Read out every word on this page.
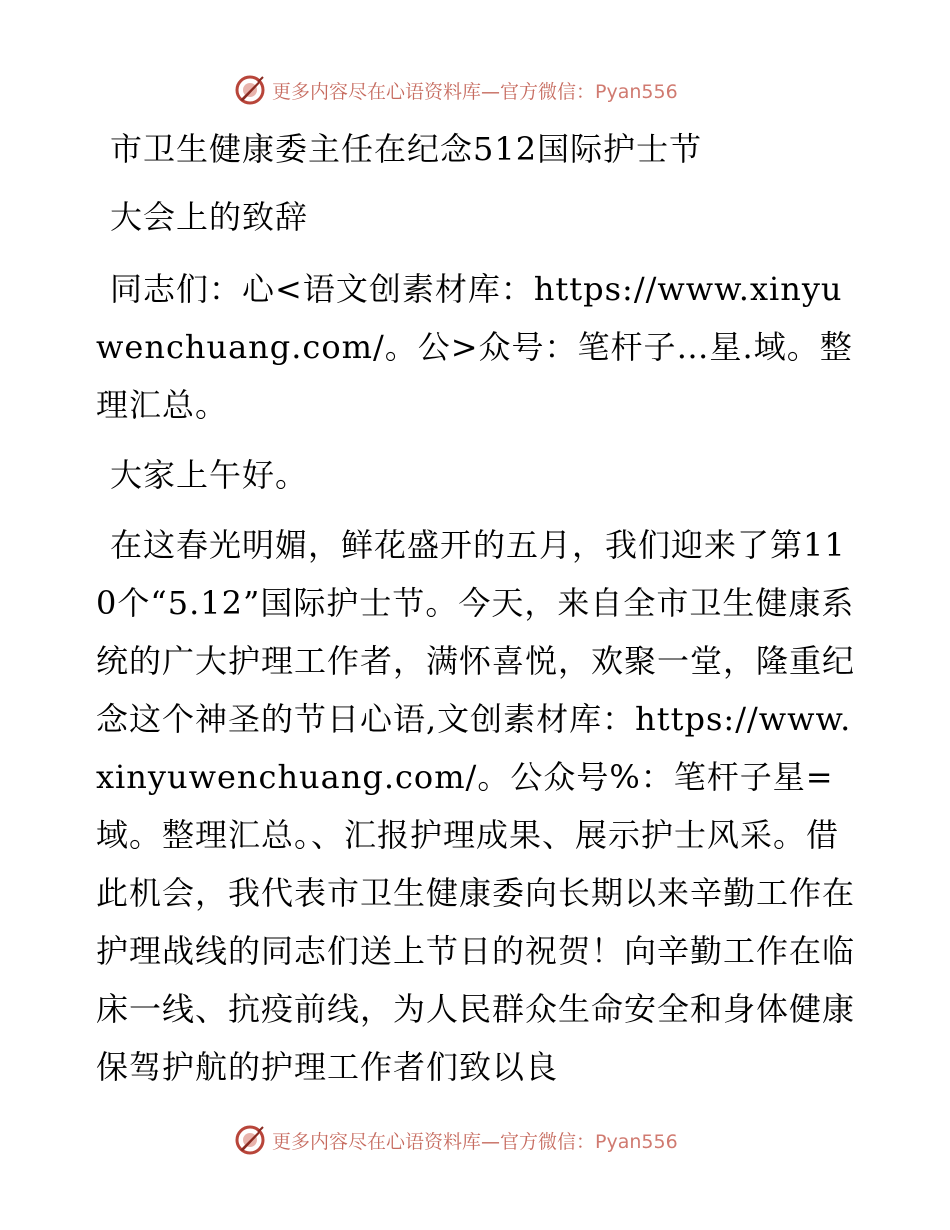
更多内容尽在心语资料库—官方微信：Pyan556

市卫生健康委主任在纪念512国际护士节

大会上的致辞

同志们：心<语文创素材库：https://www.xinyuwenchuang.com/。公>众号：笔杆子…星.域。整理汇总。

大家上午好。

在这春光明媚，鲜花盛开的五月，我们迎来了第110个“5.12”国际护士节。今天，来自全市卫生健康系统的广大护理工作者，满怀喜悦，欢聚一堂，隆重纪念这个神圣的节日心语,文创素材库：https://www.xinyuwenchuang.com/。公众号%：笔杆子星=域。整理汇总。、汇报护理成果、展示护士风采。借此机会，我代表市卫生健康委向长期以来辛勤工作在护理战线的同志们送上节日的祝贺！向辛勤工作在临床一线、抗疫前线，为人民群众生命安全和身体健康保驾护航的护理工作者们致以良

更多内容尽在心语资料库—官方微信：Pyan556
